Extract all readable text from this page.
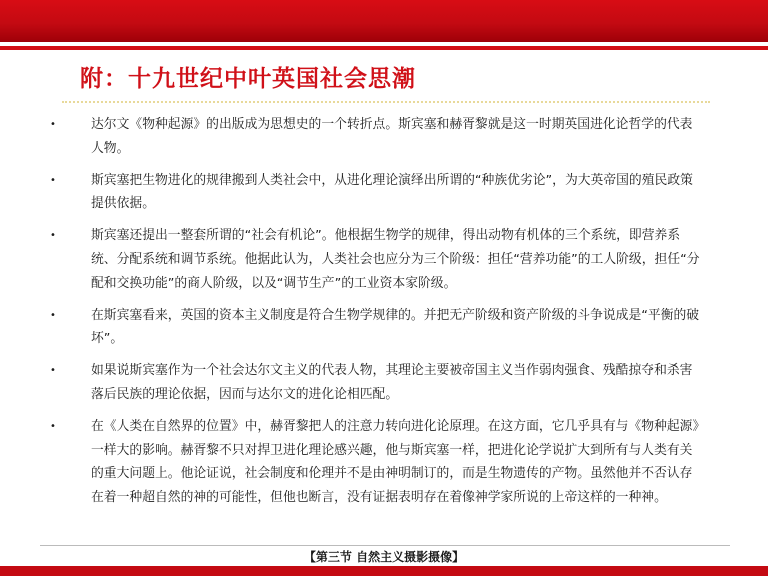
附：十九世纪中叶英国社会思潮
•	达尔文《物种起源》的出版成为思想史的一个转折点。斯宾塞和赫胥黎就是这一时期英国进化论哲学的代表人物。
•	斯宾塞把生物进化的规律搬到人类社会中，从进化理论演绎出所谓的“种族优劣论”，为大英帝国的殖民政策提供依据。
•	斯宾塞还提出一整套所谓的“社会有机论”。他根据生物学的规律，得出动物有机体的三个系统，即营养系统、分配系统和调节系统。他据此认为，人类社会也应分为三个阶级：担任“营养功能”的工人阶级，担任“分配和交换功能”的商人阶级，以及“调节生产”的工业资本家阶级。
•	在斯宾塞看来，英国的资本主义制度是符合生物学规律的。并把无产阶级和资产阶级的斗争说成是“平衡的破坏”。
•	如果说斯宾塞作为一个社会达尔文主义的代表人物，其理论主要被帝国主义当作弱肉强食、残酷掠夺和杀害落后民族的理论依据，因而与达尔文的进化论相匹配。
•	在《人类在自然界的位置》中，赫胥黎把人的注意力转向进化论原理。在这方面，它几乎具有与《物种起源》一样大的影响。赫胥黎不只对捍卫进化理论感兴趣，他与斯宾塞一样，把进化论学说扩大到所有与人类有关的重大问题上。他论证说，社会制度和伦理并不是由神明制订的，而是生物遗传的产物。虽然他并不否认存在着一种超自然的神的可能性，但他也断言，没有证据表明存在着像神学家所说的上帝这样的一种神。
【第三节 自然主义摄影摄像】
